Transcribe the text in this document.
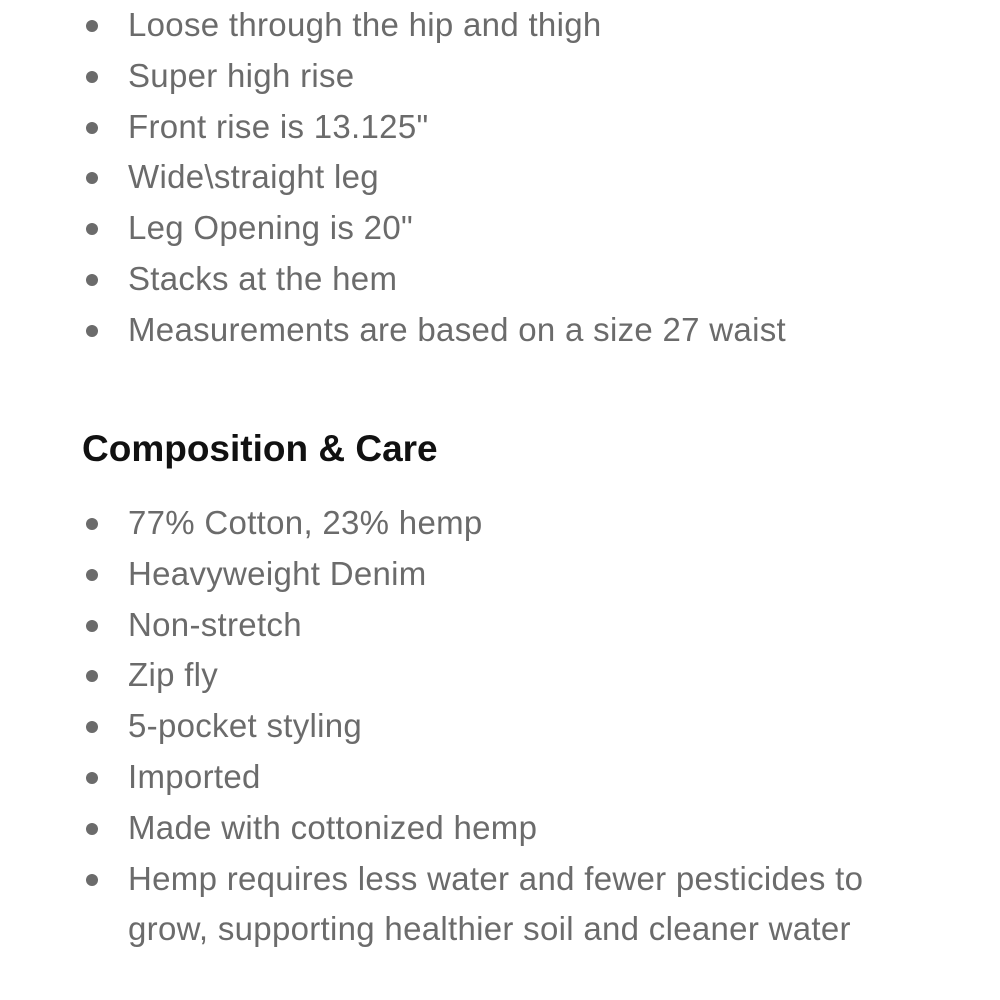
Loose through the hip and thigh
Super high rise
Front rise is 13.125"
Wide\straight leg
Leg Opening is 20"
Stacks at the hem
Measurements are based on a size 27 waist
Composition & Care
77% Cotton, 23% hemp
Heavyweight Denim
Non-stretch
Zip fly
5-pocket styling
Imported
Made with cottonized hemp
Hemp requires less water and fewer pesticides to grow, supporting healthier soil and cleaner water
